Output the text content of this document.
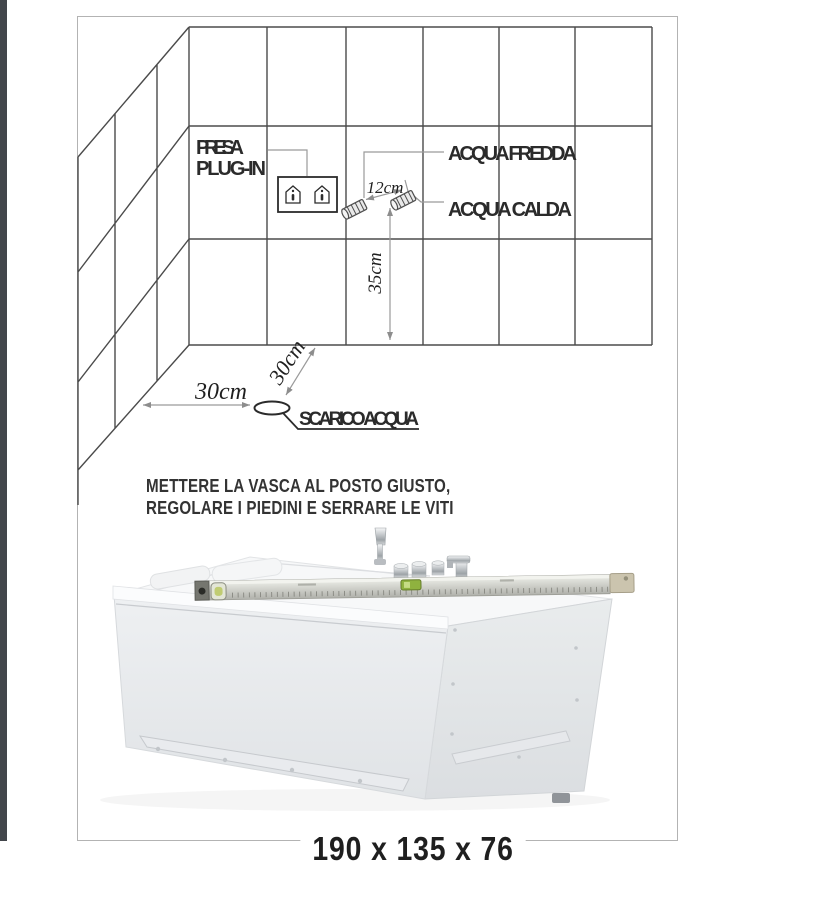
PRESA
PLUG-IN
ACQUA FREDDA
ACQUA CALDA
SCARICO ACQUA
12cm
35cm
30cm
30cm
METTERE LA VASCA AL POSTO GIUSTO,
REGOLARE I PIEDINI E SERRARE LE VITI
190 x 135 x 76
